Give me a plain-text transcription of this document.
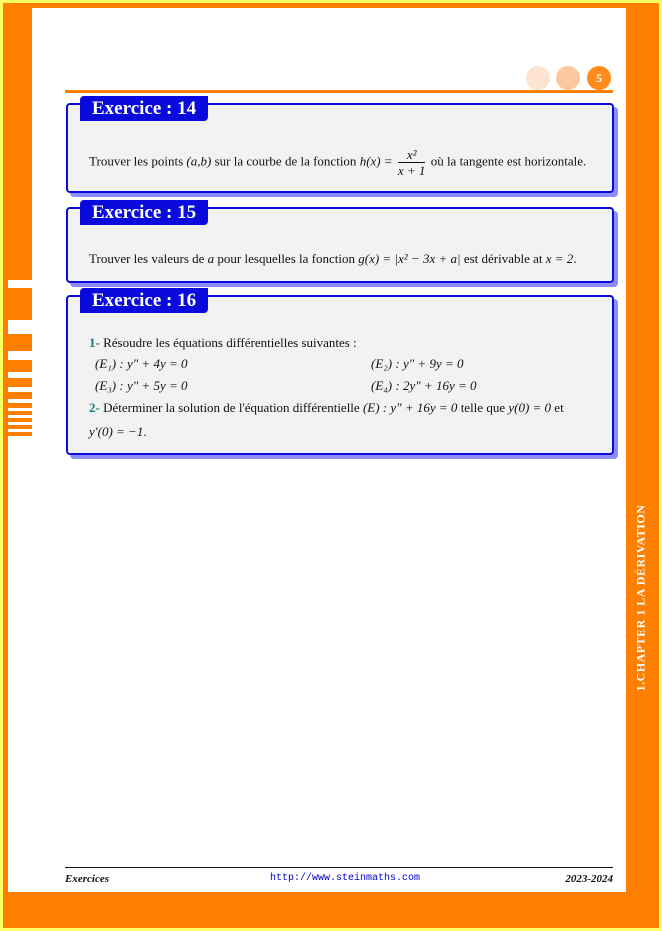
1.CHAPTER 1 LA DÉRIVATION
5
Exercice : 14
Trouver les points (a,b) sur la courbe de la fonction $h(x) = \frac{\text{x²}}{x + 1}$ où la tangente est horizontale.
Exercice : 15
Trouver les valeurs de a pour lesquelles la fonction g(x) = |x² − 3x + a| est dérivable at x = 2.
Exercice : 16
1- Résoudre les équations différentielles suivantes :
(E₁) : y" + 4y = 0	(E₂) : y" + 9y = 0
(E₃) : y" + 5y = 0	(E₄) : 2y" + 16y = 0
2- Déterminer la solution de l'équation différentielle (E) : y" + 16y = 0 telle que y(0) = 0 et
y′(0) = −1.
Exercices	http://www.steinmaths.com	2023-2024
